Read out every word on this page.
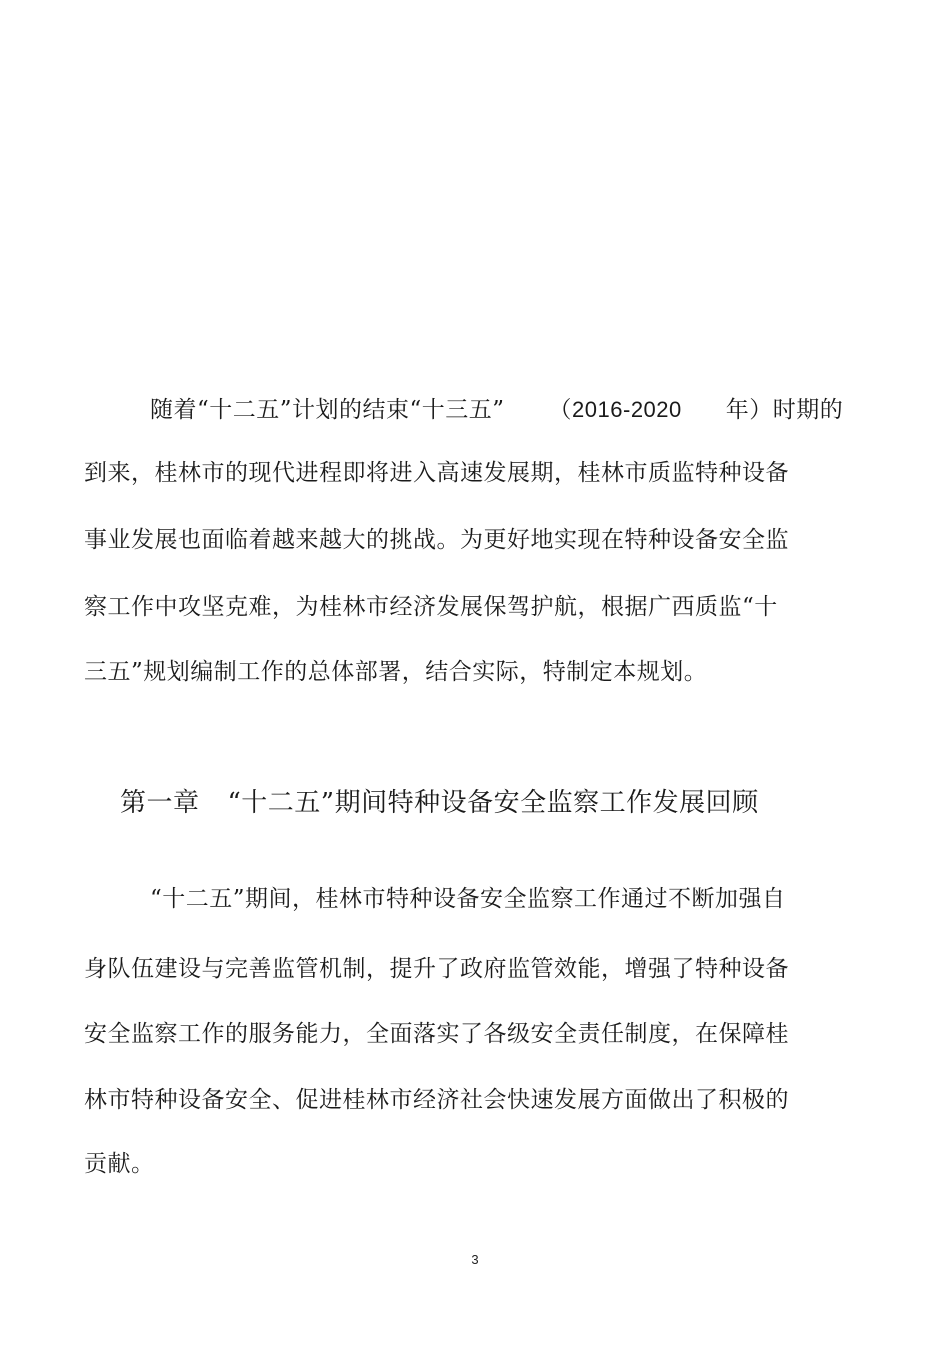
随着“十二五”计划的结束“十三五” （2016-2020 年）时期的
到来，桂林市的现代进程即将进入高速发展期，桂林市质监特种设备
事业发展也面临着越来越大的挑战。为更好地实现在特种设备安全监
察工作中攻坚克难，为桂林市经济发展保驾护航，根据广西质监“十
三五”规划编制工作的总体部署，结合实际，特制定本规划。
第一章 “十二五”期间特种设备安全监察工作发展回顾
“十二五”期间，桂林市特种设备安全监察工作通过不断加强自
身队伍建设与完善监管机制，提升了政府监管效能，增强了特种设备
安全监察工作的服务能力，全面落实了各级安全责任制度，在保障桂
林市特种设备安全、促进桂林市经济社会快速发展方面做出了积极的
贡献。
3
